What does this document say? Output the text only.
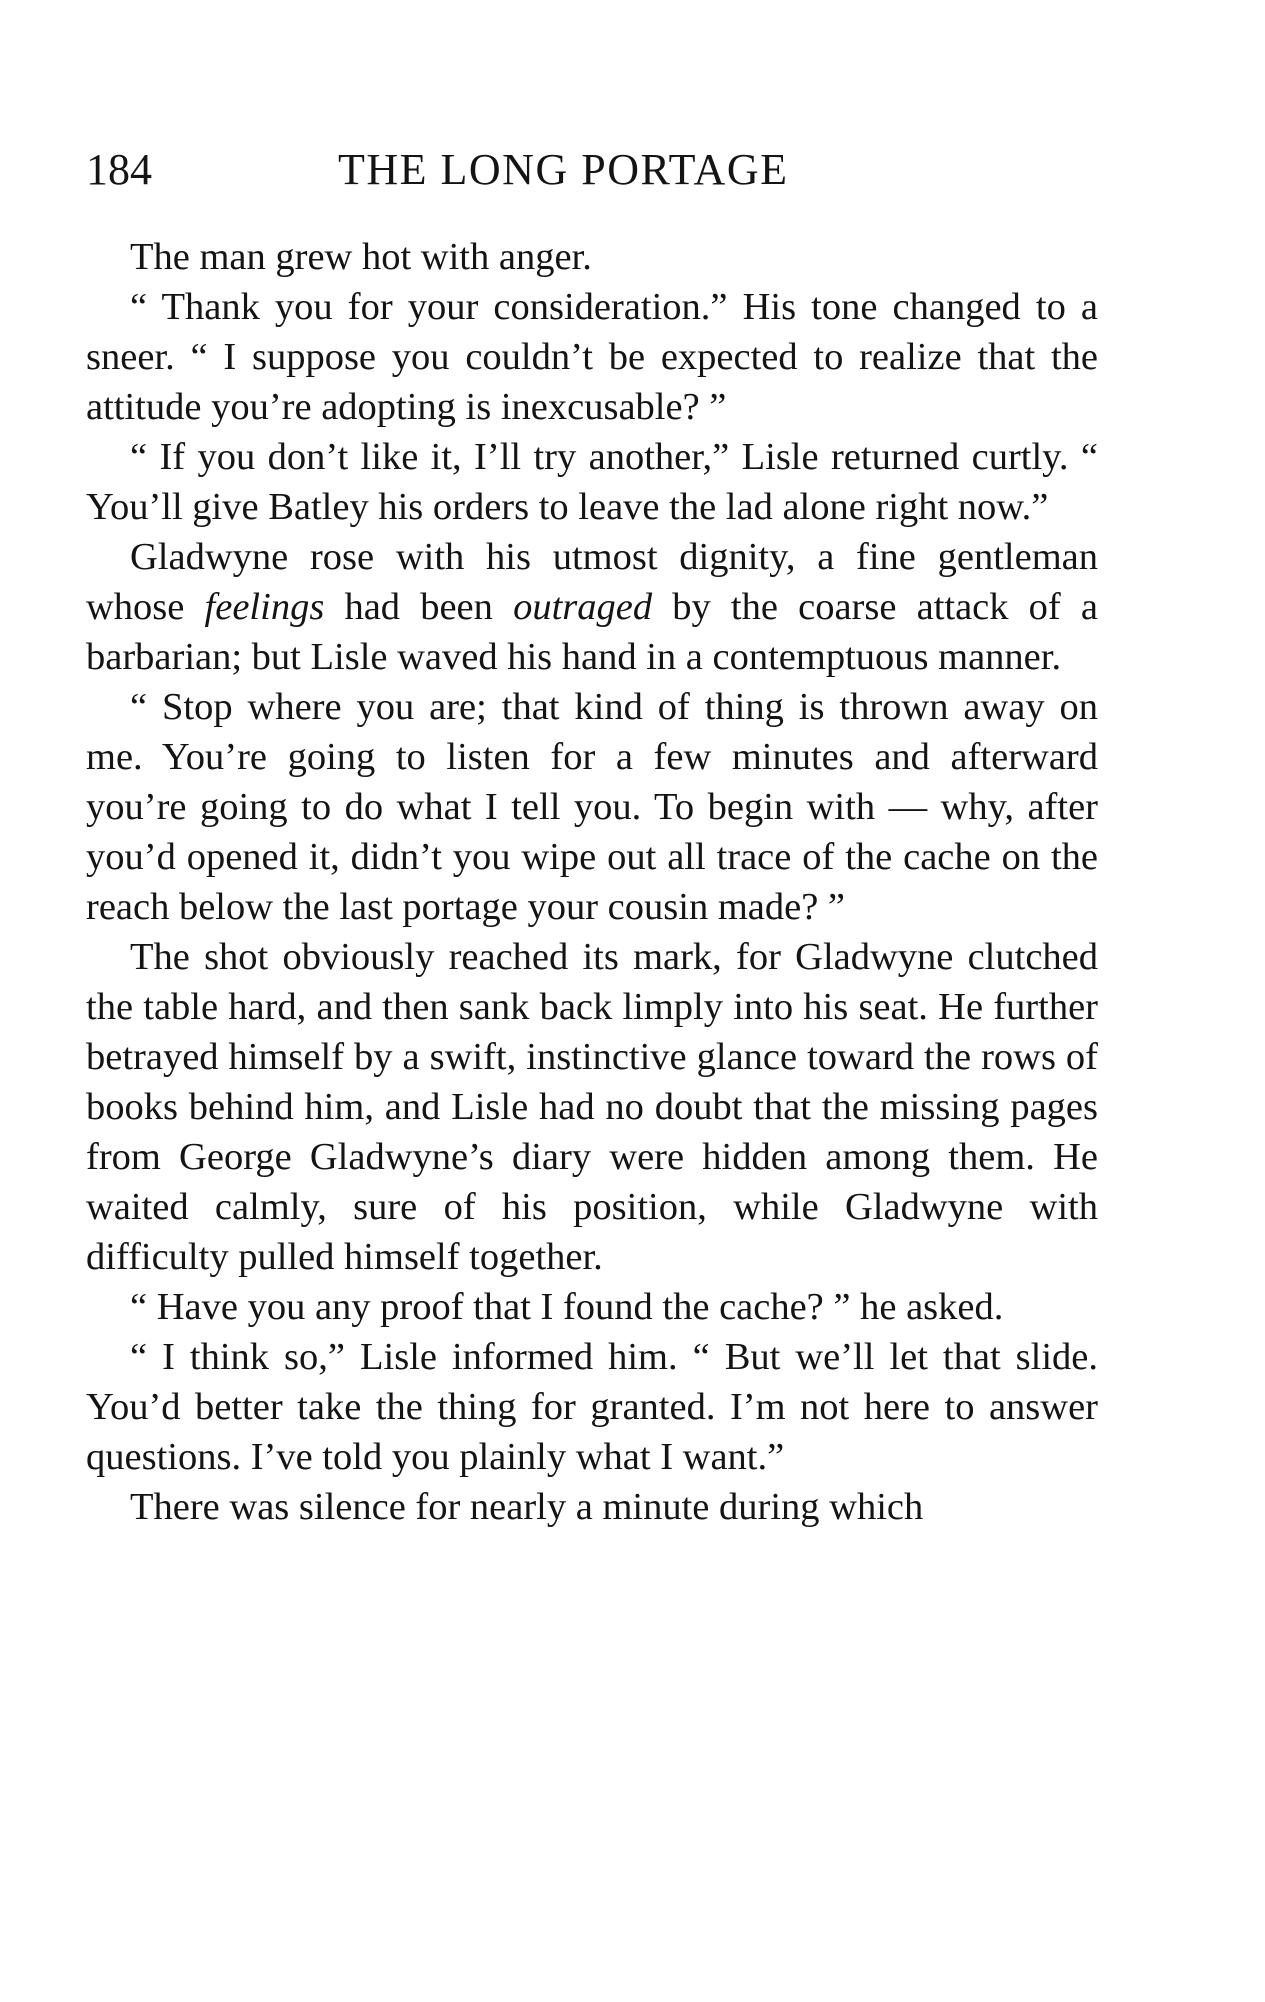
184	THE LONG PORTAGE

The man grew hot with anger.

“ Thank you for your consideration.” His tone changed to a sneer. “ I suppose you couldn’t be expected to realize that the attitude you’re adopting is inexcusable? ”

“ If you don’t like it, I’ll try another,” Lisle returned curtly. “ You’ll give Batley his orders to leave the lad alone right now.”

Gladwyne rose with his utmost dignity, a fine gentleman whose feelings had been outraged by the coarse attack of a barbarian; but Lisle waved his hand in a contemptuous manner.

“ Stop where you are; that kind of thing is thrown away on me. You’re going to listen for a few minutes and afterward you’re going to do what I tell you. To begin with — why, after you’d opened it, didn’t you wipe out all trace of the cache on the reach below the last portage your cousin made? ”

The shot obviously reached its mark, for Gladwyne clutched the table hard, and then sank back limply into his seat. He further betrayed himself by a swift, instinctive glance toward the rows of books behind him, and Lisle had no doubt that the missing pages from George Gladwyne’s diary were hidden among them. He waited calmly, sure of his position, while Gladwyne with difficulty pulled himself together.

“ Have you any proof that I found the cache? ” he asked.

“ I think so,” Lisle informed him. “ But we’ll let that slide. You’d better take the thing for granted. I’m not here to answer questions. I’ve told you plainly what I want.”

There was silence for nearly a minute during which
